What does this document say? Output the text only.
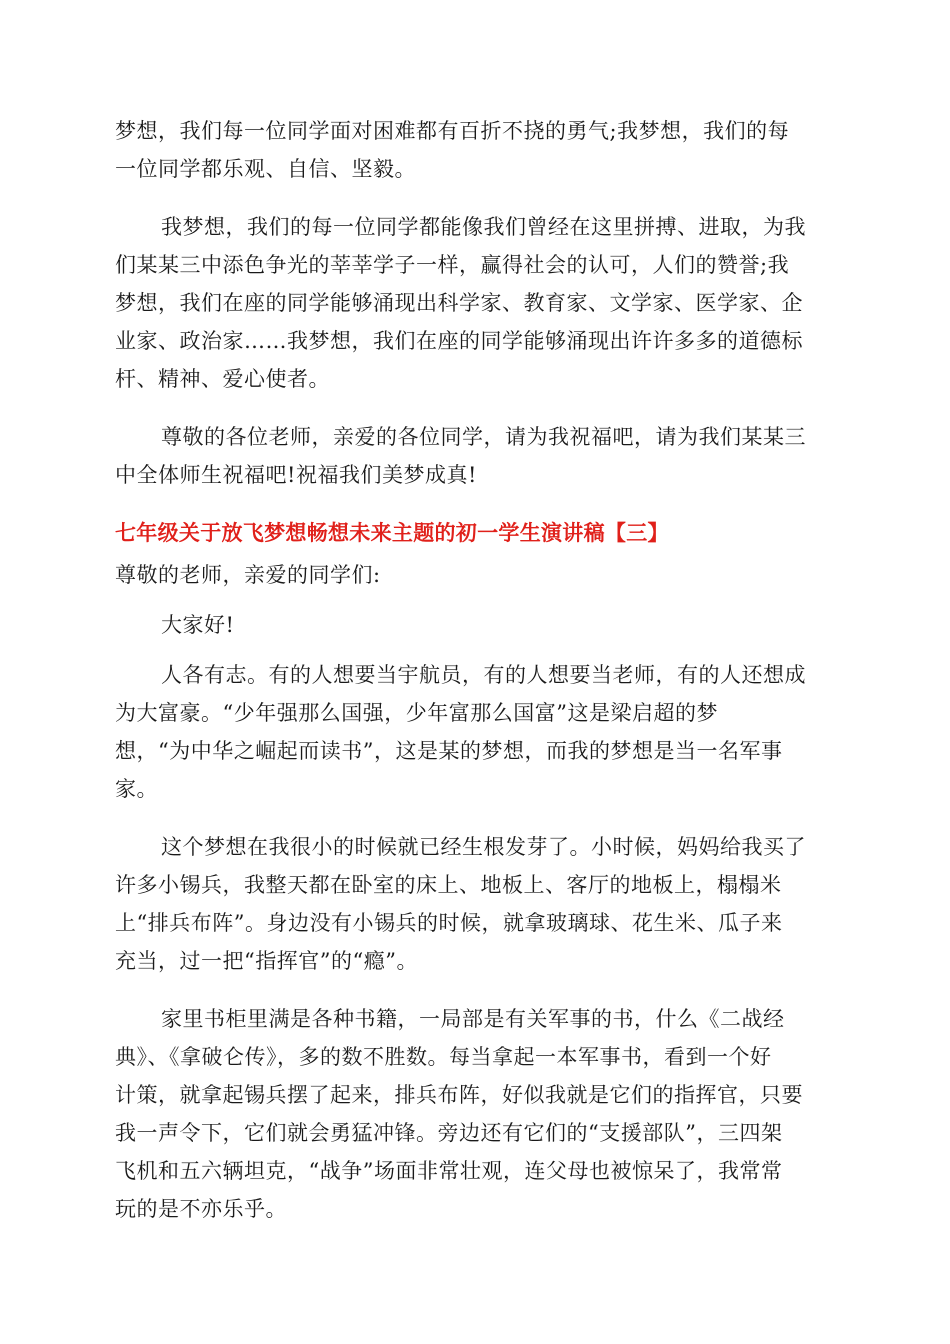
梦想，我们每一位同学面对困难都有百折不挠的勇气;我梦想，我们的每
一位同学都乐观、自信、坚毅。
我梦想，我们的每一位同学都能像我们曾经在这里拼搏、进取，为我
们某某三中添色争光的莘莘学子一样，赢得社会的认可，人们的赞誉;我
梦想，我们在座的同学能够涌现出科学家、教育家、文学家、医学家、企
业家、政治家……我梦想，我们在座的同学能够涌现出许许多多的道德标
杆、精神、爱心使者。
尊敬的各位老师，亲爱的各位同学，请为我祝福吧，请为我们某某三
中全体师生祝福吧!祝福我们美梦成真!
七年级关于放飞梦想畅想未来主题的初一学生演讲稿【三】
尊敬的老师，亲爱的同学们:
大家好!
人各有志。有的人想要当宇航员，有的人想要当老师，有的人还想成
为大富豪。“少年强那么国强，少年富那么国富”这是梁启超的梦
想，“为中华之崛起而读书”，这是某的梦想，而我的梦想是当一名军事
家。
这个梦想在我很小的时候就已经生根发芽了。小时候，妈妈给我买了
许多小锡兵，我整天都在卧室的床上、地板上、客厅的地板上，榻榻米
上“排兵布阵”。身边没有小锡兵的时候，就拿玻璃球、花生米、瓜子来
充当，过一把“指挥官”的“瘾”。
家里书柜里满是各种书籍，一局部是有关军事的书，什么《二战经
典》、《拿破仑传》，多的数不胜数。每当拿起一本军事书，看到一个好
计策，就拿起锡兵摆了起来，排兵布阵，好似我就是它们的指挥官，只要
我一声令下，它们就会勇猛冲锋。旁边还有它们的“支援部队”，三四架
飞机和五六辆坦克，“战争”场面非常壮观，连父母也被惊呆了，我常常
玩的是不亦乐乎。
